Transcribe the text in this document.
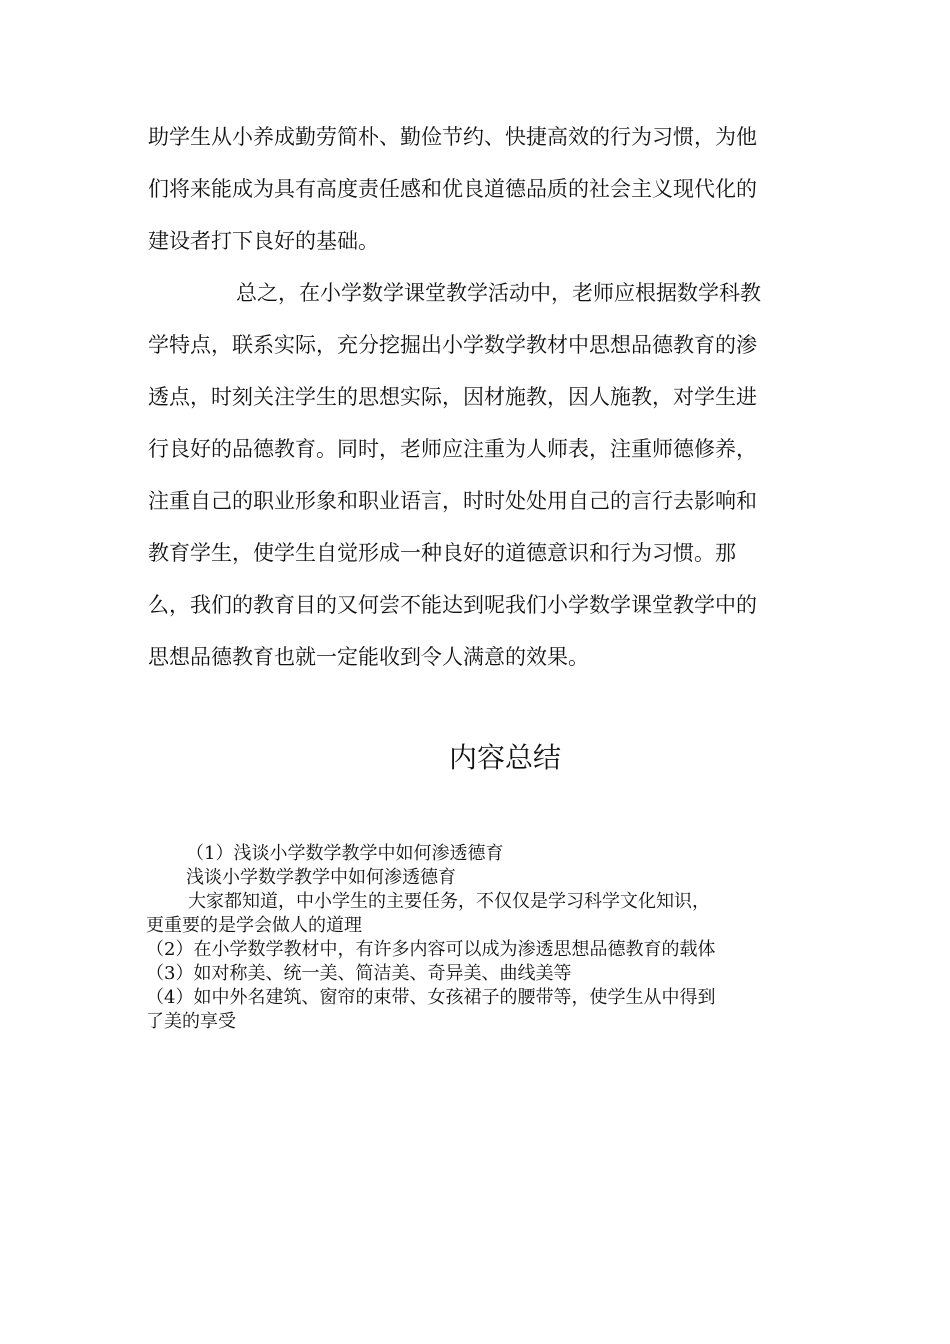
助学生从小养成勤劳简朴、勤俭节约、快捷高效的行为习惯，为他
们将来能成为具有高度责任感和优良道德品质的社会主义现代化的
建设者打下良好的基础。
总之，在小学数学课堂教学活动中，老师应根据数学科教
学特点，联系实际，充分挖掘出小学数学教材中思想品德教育的渗
透点，时刻关注学生的思想实际，因材施教，因人施教，对学生进
行良好的品德教育。同时，老师应注重为人师表，注重师德修养，
注重自己的职业形象和职业语言，时时处处用自己的言行去影响和
教育学生，使学生自觉形成一种良好的道德意识和行为习惯。那
么，我们的教育目的又何尝不能达到呢我们小学数学课堂教学中的
思想品德教育也就一定能收到令人满意的效果。
内容总结
（1）浅谈小学数学教学中如何渗透德育
浅谈小学数学教学中如何渗透德育
大家都知道，中小学生的主要任务，不仅仅是学习科学文化知识，
更重要的是学会做人的道理
（2）在小学数学教材中，有许多内容可以成为渗透思想品德教育的载体
（3）如对称美、统一美、简洁美、奇异美、曲线美等
（4）如中外名建筑、窗帘的束带、女孩裙子的腰带等，使学生从中得到
了美的享受
